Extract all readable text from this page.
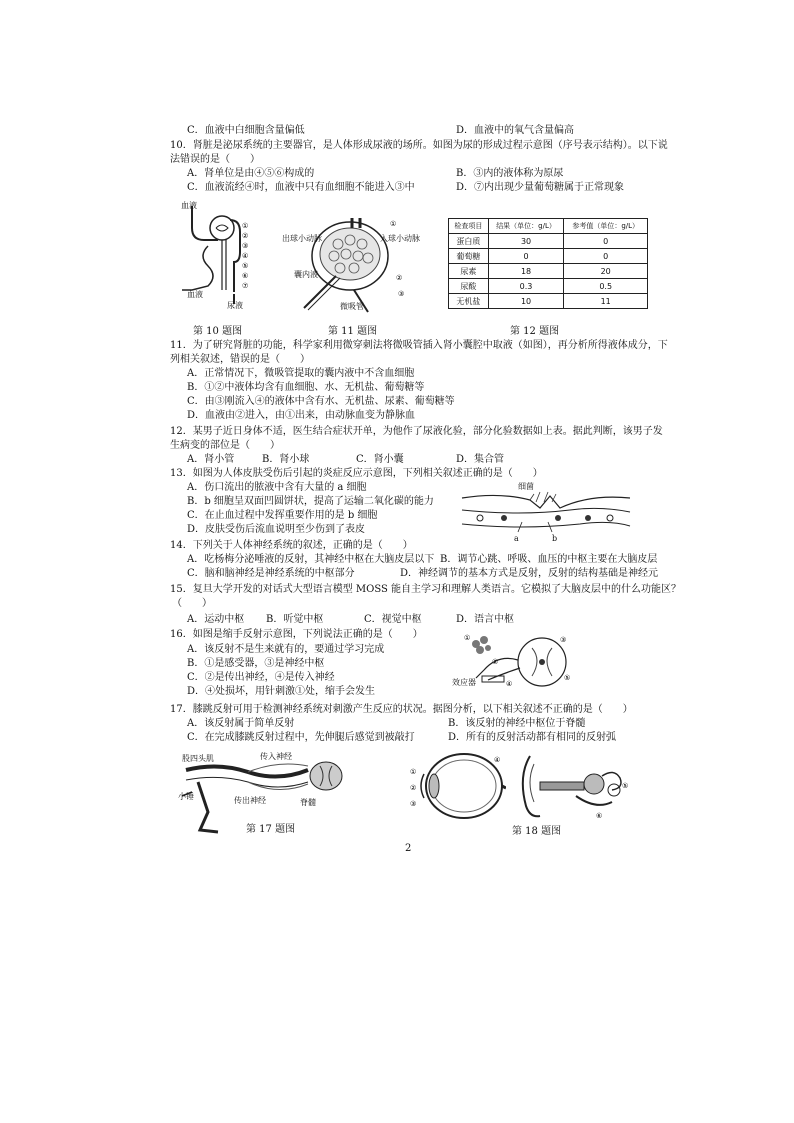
C．血液中白细胞含量偏低	D．血液中的氧气含量偏高
10．肾脏是泌尿系统的主要器官，是人体形成尿液的场所。如图为尿的形成过程示意图（序号表示结构）。以下说
法错误的是（　　）
A．肾单位是由④⑤⑥构成的	B．③内的液体称为原尿
C．血液流经④时，血液中只有血细胞不能进入③中	D．⑦内出现少量葡萄糖属于正常现象
①
②
③
④
⑤
⑥
⑦
血液
血液
尿液
第 10 题图
①
②
③
出球小动脉	入球小动脉
囊内液
微吸管
第 11 题图
检查项目	结果（单位：g/L）	参考值（单位：g/L）
蛋白质	30	0
葡萄糖	0	0
尿素	18	20
尿酸	0.3	0.5
无机盐	10	11
第 12 题图
11．为了研究肾脏的功能，科学家利用微穿刺法将微吸管插入肾小囊腔中取液（如图），再分析所得液体成分，下
列相关叙述，错误的是（　　）
A．正常情况下，微吸管提取的囊内液中不含血细胞
B．①②中液体均含有血细胞、水、无机盐、葡萄糖等
C．由③刚流入④的液体中含有水、无机盐、尿素、葡萄糖等
D．血液由②进入，由①出来，由动脉血变为静脉血
12．某男子近日身体不适，医生结合症状开单，为他作了尿液化验，部分化验数据如上表。据此判断，该男子发
生病变的部位是（　　）
A．肾小管	B．肾小球	C．肾小囊	D．集合管
13．如图为人体皮肤受伤后引起的炎症反应示意图，下列相关叙述正确的是（　　）
A．伤口流出的脓液中含有大量的 a 细胞
B．b 细胞呈双面凹圆饼状，提高了运输二氧化碳的能力
C．在止血过程中发挥重要作用的是 b 细胞
D．皮肤受伤后流血说明至少伤到了表皮
细菌
a	b
14．下列关于人体神经系统的叙述，正确的是（　　）
A．吃杨梅分泌唾液的反射，其神经中枢在大脑皮层以下 B．调节心跳、呼吸、血压的中枢主要在大脑皮层
C．脑和脑神经是神经系统的中枢部分	D．神经调节的基本方式是反射，反射的结构基础是神经元
15．复旦大学开发的对话式大型语言模型 MOSS 能自主学习和理解人类语言。它模拟了大脑皮层中的什么功能区？
（　　）
A．运动中枢 B．听觉中枢	C．视觉中枢	D．语言中枢
16．如图是缩手反射示意图，下列说法正确的是（　　）
A．该反射不是生来就有的，要通过学习完成
B．①是感受器，③是神经中枢
C．②是传出神经，④是传入神经
D．④处损坏，用针刺激①处，缩手会发生
①
②
③
④
⑤
效应器
17．膝跳反射可用于检测神经系统对刺激产生反应的状况。据图分析，以下相关叙述不正确的是（　　）
A．该反射属于简单反射	B．该反射的神经中枢位于脊髓
C．在完成膝跳反射过程中，先伸腿后感觉到被敲打	D．所有的反射活动都有相同的反射弧
股四头肌	传入神经
小锤	传出神经	脊髓
第 17 题图
①
②
③
④
⑤
⑥
第 18 题图
2
